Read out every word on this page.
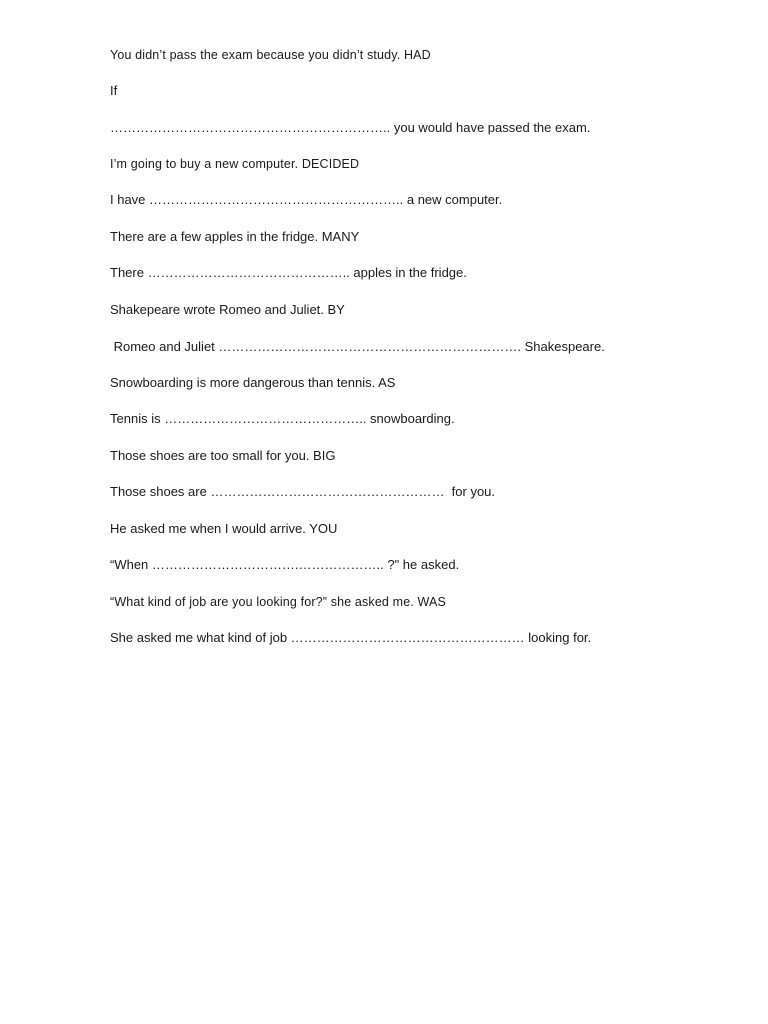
You didn’t pass the exam because you didn’t study. HAD
If
……………………………………………………….. you would have passed the exam.
I’m going to buy a new computer. DECIDED
I have ………………………………………………….. a new computer.
There are a few apples in the fridge. MANY
There ……………………………………….. apples in the fridge.
Shakepeare wrote Romeo and Juliet. BY
Romeo and Juliet ……………………………………………………………. Shakespeare.
Snowboarding is more dangerous than tennis. AS
Tennis is ……………………………………….. snowboarding.
Those shoes are too small for you. BIG
Those shoes are ………………………………………………  for you.
He asked me when I would arrive. YOU
“When …………………………….……………….. ?" he asked.
“What kind of job are you looking for?” she asked me. WAS
She asked me what kind of job ……………………………………………… looking for.
